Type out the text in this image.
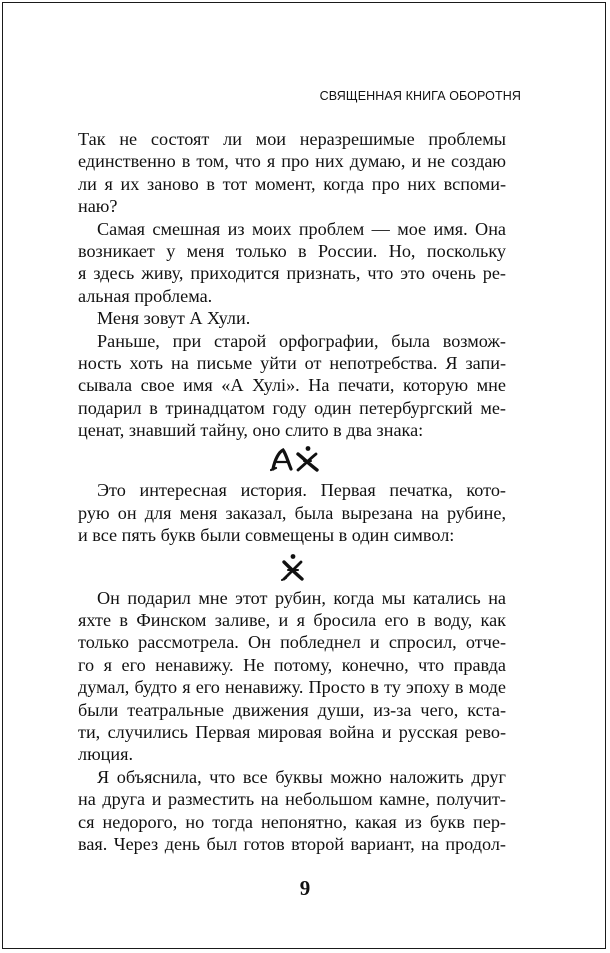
СВЯЩЕННАЯ КНИГА ОБОРОТНЯ
Так не состоят ли мои неразрешимые проблемы
единственно в том, что я про них думаю, и не создаю
ли я их заново в тот момент, когда про них вспоми-
наю?
Самая смешная из моих проблем — мое имя. Она
возникает у меня только в России. Но, поскольку
я здесь живу, приходится признать, что это очень ре-
альная проблема.
Меня зовут А Хули.
Раньше, при старой орфографии, была возмож-
ность хоть на письме уйти от непотребства. Я запи-
сывала свое имя «А Хулi». На печати, которую мне
подарил в тринадцатом году один петербургский ме-
ценат, знавший тайну, оно слито в два знака:
Это интересная история. Первая печатка, кото-
рую он для меня заказал, была вырезана на рубине,
и все пять букв были совмещены в один символ:
Он подарил мне этот рубин, когда мы катались на
яхте в Финском заливе, и я бросила его в воду, как
только рассмотрела. Он побледнел и спросил, отче-
го я его ненавижу. Не потому, конечно, что правда
думал, будто я его ненавижу. Просто в ту эпоху в моде
были театральные движения души, из-за чего, кста-
ти, случились Первая мировая война и русская рево-
люция.
Я объяснила, что все буквы можно наложить друг
на друга и разместить на небольшом камне, получит-
ся недорого, но тогда непонятно, какая из букв пер-
вая. Через день был готов второй вариант, на продол-
9
